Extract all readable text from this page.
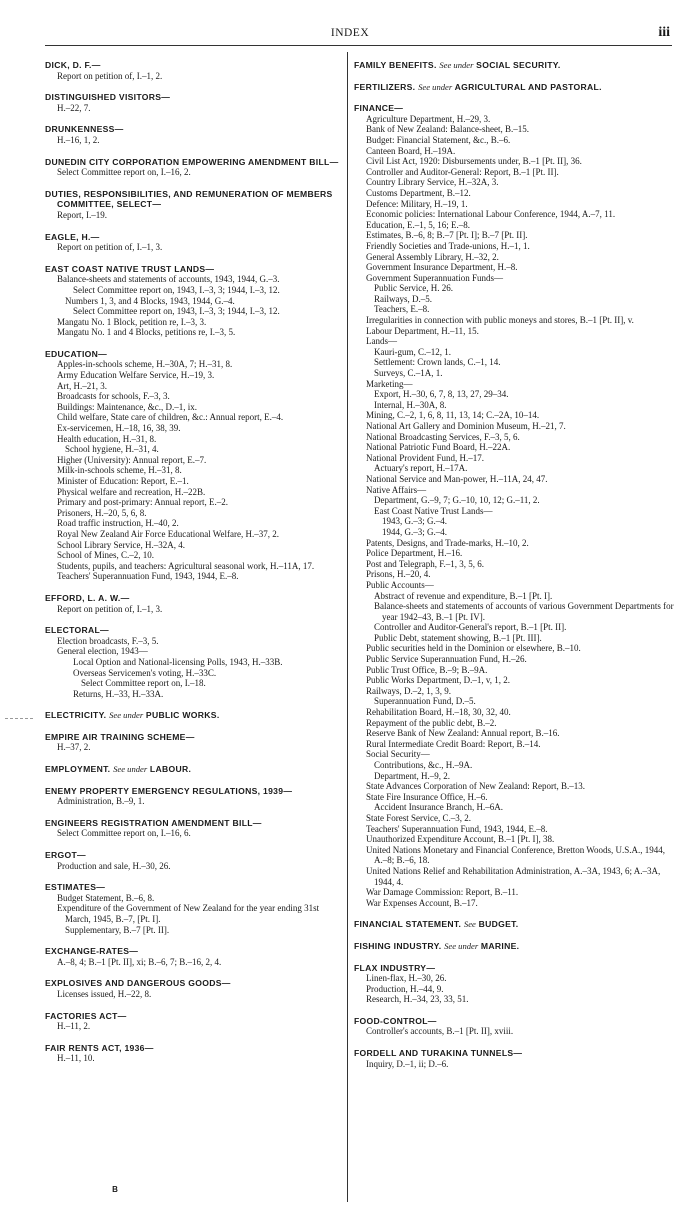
INDEX	iii
DICK, D. F.—
Report on petition of, I.–1, 2.
DISTINGUISHED VISITORS—
H.–22, 7.
DRUNKENNESS—
H.–16, 1, 2.
DUNEDIN CITY CORPORATION EMPOWERING AMENDMENT BILL—
Select Committee report on, I.–16, 2.
DUTIES, RESPONSIBILITIES, AND REMUNERATION OF MEMBERS COMMITTEE, SELECT—
Report, I.–19.
EAGLE, H.—
Report on petition of, I.–1, 3.
EAST COAST NATIVE TRUST LANDS—
Balance-sheets and statements of accounts, 1943, 1944, G.–3.
Select Committee report on, 1943, I.–3, 3; 1944, I.–3, 12.
Numbers 1, 3, and 4 Blocks, 1943, 1944, G.–4.
Select Committee report on, 1943, I.–3, 3; 1944, I.–3, 12.
Mangatu No. 1 Block, petition re, I.–3, 3.
Mangatu No. 1 and 4 Blocks, petitions re, I.–3, 5.
EDUCATION—
Apples-in-schools scheme, H.–30A, 7; H.–31, 8.
Army Education Welfare Service, H.–19, 3.
Art, H.–21, 3.
Broadcasts for schools, F.–3, 3.
Buildings: Maintenance, &c., D.–1, ix.
Child welfare, State care of children, &c.: Annual report, E.–4.
Ex-servicemen, H.–18, 16, 38, 39.
Health education, H.–31, 8.
School hygiene, H.–31, 4.
Higher (University): Annual report, E.–7.
Milk-in-schools scheme, H.–31, 8.
Minister of Education: Report, E.–1.
Physical welfare and recreation, H.–22B.
Primary and post-primary: Annual report, E.–2.
Prisoners, H.–20, 5, 6, 8.
Road traffic instruction, H.–40, 2.
Royal New Zealand Air Force Educational Welfare, H.–37, 2.
School Library Service, H.–32A, 4.
School of Mines, C.–2, 10.
Students, pupils, and teachers: Agricultural seasonal work, H.–11A, 17.
Teachers' Superannuation Fund, 1943, 1944, E.–8.
EFFORD, L. A. W.—
Report on petition of, I.–1, 3.
ELECTORAL—
Election broadcasts, F.–3, 5.
General election, 1943—
Local Option and National-licensing Polls, 1943, H.–33B.
Overseas Servicemen's voting, H.–33C.
Select Committee report on, I.–18.
Returns, H.–33, H.–33A.
ELECTRICITY. See under PUBLIC WORKS.
EMPIRE AIR TRAINING SCHEME—
H.–37, 2.
EMPLOYMENT. See under LABOUR.
ENEMY PROPERTY EMERGENCY REGULATIONS, 1939—
Administration, B.–9, 1.
ENGINEERS REGISTRATION AMENDMENT BILL—
Select Committee report on, I.–16, 6.
ERGOT—
Production and sale, H.–30, 26.
ESTIMATES—
Budget Statement, B.–6, 8.
Expenditure of the Government of New Zealand for the year ending 31st March, 1945, B.–7, [Pt. I].
Supplementary, B.–7 [Pt. II].
EXCHANGE-RATES—
A.–8, 4; B.–1 [Pt. II], xi; B.–6, 7; B.–16, 2, 4.
EXPLOSIVES AND DANGEROUS GOODS—
Licenses issued, H.–22, 8.
FACTORIES ACT—
H.–11, 2.
FAIR RENTS ACT, 1936—
H.–11, 10.
FAMILY BENEFITS. See under SOCIAL SECURITY.
FERTILIZERS. See under AGRICULTURAL AND PASTORAL.
FINANCE—
Agriculture Department, H.–29, 3.
Bank of New Zealand: Balance-sheet, B.–15.
Budget: Financial Statement, &c., B.–6.
Canteen Board, H.–19A.
Civil List Act, 1920: Disbursements under, B.–1 [Pt. II], 36.
Controller and Auditor-General: Report, B.–1 [Pt. II].
Country Library Service, H.–32A, 3.
Customs Department, B.–12.
Defence: Military, H.–19, 1.
Economic policies: International Labour Conference, 1944, A.–7, 11.
Education, E.–1, 5, 16; E.–8.
Estimates, B.–6, 8; B.–7 [Pt. I]; B.–7 [Pt. II].
Friendly Societies and Trade-unions, H.–1, 1.
General Assembly Library, H.–32, 2.
Government Insurance Department, H.–8.
Government Superannuation Funds—
Public Service, H. 26.
Railways, D.–5.
Teachers, E.–8.
Irregularities in connection with public moneys and stores, B.–1 [Pt. II], v.
Labour Department, H.–11, 15.
Lands—
Kauri-gum, C.–12, 1.
Settlement: Crown lands, C.–1, 14.
Surveys, C.–1A, 1.
Marketing—
Export, H.–30, 6, 7, 8, 13, 27, 29–34.
Internal, H.–30A, 8.
Mining, C.–2, 1, 6, 8, 11, 13, 14; C.–2A, 10–14.
National Art Gallery and Dominion Museum, H.–21, 7.
National Broadcasting Services, F.–3, 5, 6.
National Patriotic Fund Board, H.–22A.
National Provident Fund, H.–17.
Actuary's report, H.–17A.
National Service and Man-power, H.–11A, 24, 47.
Native Affairs—
Department, G.–9, 7; G.–10, 10, 12; G.–11, 2.
East Coast Native Trust Lands—
1943, G.–3; G.–4.
1944, G.–3; G.–4.
Patents, Designs, and Trade-marks, H.–10, 2.
Police Department, H.–16.
Post and Telegraph, F.–1, 3, 5, 6.
Prisons, H.–20, 4.
Public Accounts—
Abstract of revenue and expenditure, B.–1 [Pt. I].
Balance-sheets and statements of accounts of various Government Departments for year 1942–43, B.–1 [Pt. IV].
Controller and Auditor-General's report, B.–1 [Pt. II].
Public Debt, statement showing, B.–1 [Pt. III].
Public securities held in the Dominion or elsewhere, B.–10.
Public Service Superannuation Fund, H.–26.
Public Trust Office, B.–9; B.–9A.
Public Works Department, D.–1, v, 1, 2.
Railways, D.–2, 1, 3, 9.
Superannuation Fund, D.–5.
Rehabilitation Board, H.–18, 30, 32, 40.
Repayment of the public debt, B.–2.
Reserve Bank of New Zealand: Annual report, B.–16.
Rural Intermediate Credit Board: Report, B.–14.
Social Security—
Contributions, &c., H.–9A.
Department, H.–9, 2.
State Advances Corporation of New Zealand: Report, B.–13.
State Fire Insurance Office, H.–6.
Accident Insurance Branch, H.–6A.
State Forest Service, C.–3, 2.
Teachers' Superannuation Fund, 1943, 1944, E.–8.
Unauthorized Expenditure Account, B.–1 [Pt. I], 38.
United Nations Monetary and Financial Conference, Bretton Woods, U.S.A., 1944, A.–8; B.–6, 18.
United Nations Relief and Rehabilitation Administration, A.–3A, 1943, 6; A.–3A, 1944, 4.
War Damage Commission: Report, B.–11.
War Expenses Account, B.–17.
FINANCIAL STATEMENT. See BUDGET.
FISHING INDUSTRY. See under MARINE.
FLAX INDUSTRY—
Linen-flax, H.–30, 26.
Production, H.–44, 9.
Research, H.–34, 23, 33, 51.
FOOD-CONTROL—
Controller's accounts, B.–1 [Pt. II], xviii.
FORDELL AND TURAKINA TUNNELS—
Inquiry, D.–1, ii; D.–6.
B
